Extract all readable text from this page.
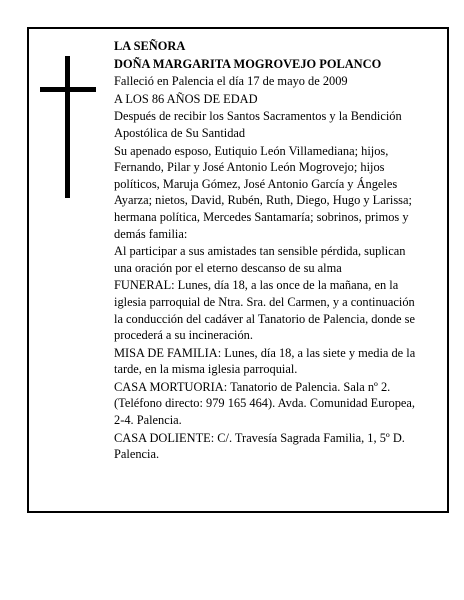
LA SEÑORA

DOÑA MARGARITA MOGROVEJO POLANCO

Falleció en Palencia el día 17 de mayo de 2009

A LOS 86 AÑOS DE EDAD

Después de recibir los Santos Sacramentos y la Bendición Apostólica de Su Santidad

Su apenado esposo, Eutiquio León Villamediana; hijos, Fernando, Pilar y José Antonio León Mogrovejo; hijos políticos, Maruja Gómez, José Antonio García y Ángeles Ayarza; nietos, David, Rubén, Ruth, Diego, Hugo y Larissa; hermana política, Mercedes Santamaría; sobrinos, primos y demás familia:

Al participar a sus amistades tan sensible pérdida, suplican una oración por el eterno descanso de su alma

FUNERAL: Lunes, día 18, a las once de la mañana, en la iglesia parroquial de Ntra. Sra. del Carmen, y a continuación la conducción del cadáver al Tanatorio de Palencia, donde se procederá a su incineración.

MISA DE FAMILIA: Lunes, día 18, a las siete y media de la tarde, en la misma iglesia parroquial.

CASA MORTUORIA: Tanatorio de Palencia. Sala nº 2. (Teléfono directo: 979 165 464). Avda. Comunidad Europea, 2-4. Palencia.

CASA DOLIENTE: C/. Travesía Sagrada Familia, 1, 5º D. Palencia.
